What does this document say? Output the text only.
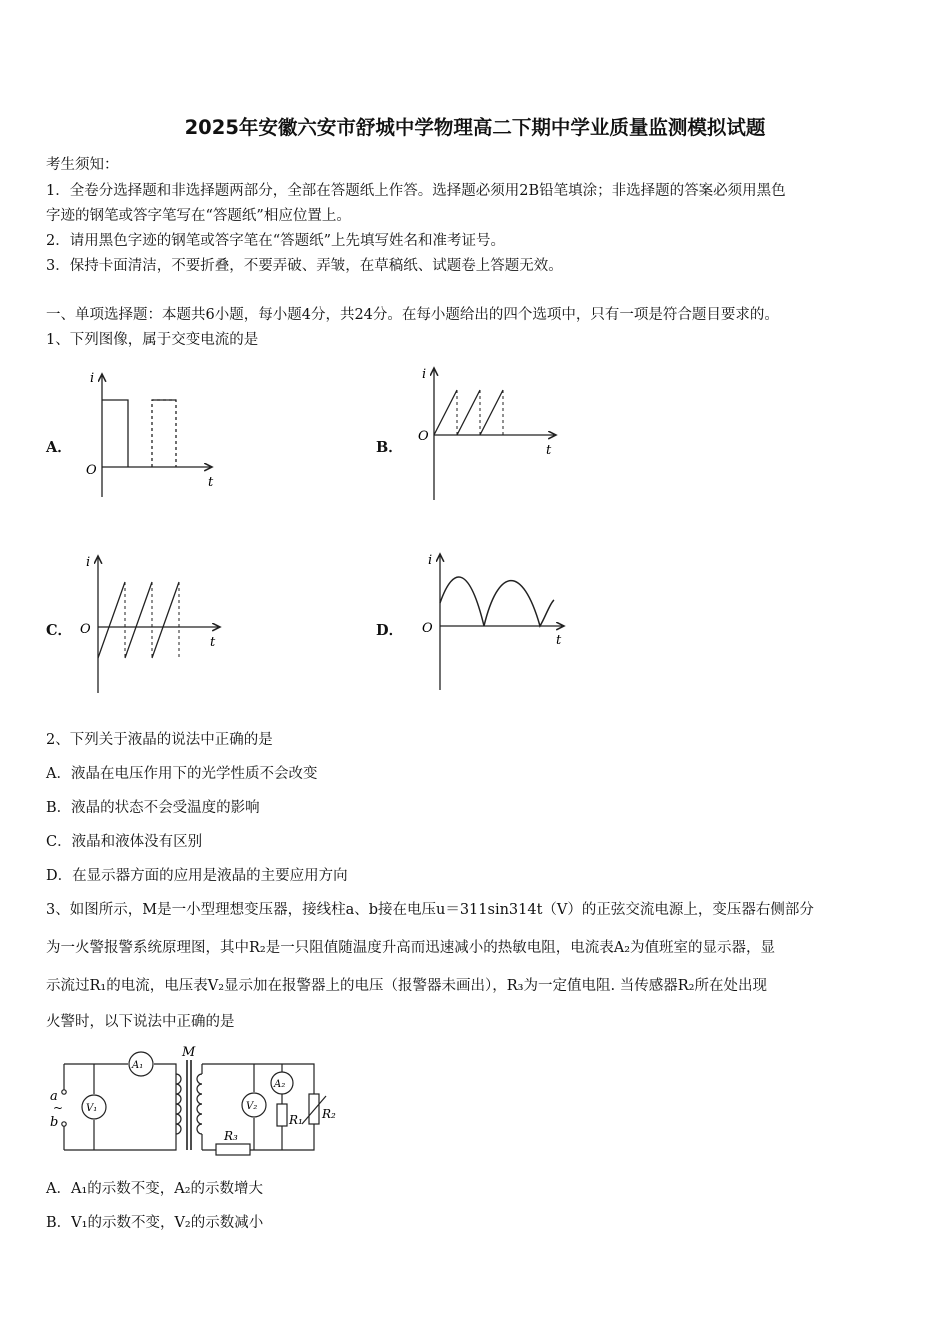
2025年安徽六安市舒城中学物理高二下期中学业质量监测模拟试题
考生须知：
1．全卷分选择题和非选择题两部分，全部在答题纸上作答。选择题必须用2B铅笔填涂；非选择题的答案必须用黑色
字迹的钢笔或答字笔写在“答题纸”相应位置上。
2．请用黑色字迹的钢笔或答字笔在“答题纸”上先填写姓名和准考证号。
3．保持卡面清洁，不要折叠，不要弄破、弄皱，在草稿纸、试题卷上答题无效。
一、单项选择题：本题共6小题，每小题4分，共24分。在每小题给出的四个选项中，只有一项是符合题目要求的。
1、下列图像，属于交变电流的是
A．	B．
C．	D．
i
t
O
i
t
O
i
t
O
i
t
O
2、下列关于液晶的说法中正确的是
A．液晶在电压作用下的光学性质不会改变
B．液晶的状态不会受温度的影响
C．液晶和液体没有区别
D．在显示器方面的应用是液晶的主要应用方向
3、如图所示，M是一小型理想变压器，接线柱a、b接在电压u＝311sin314t（V）的正弦交流电源上，变压器右侧部分
为一火警报警系统原理图，其中R₂是一只阻值随温度升高而迅速减小的热敏电阻，电流表A₂为值班室的显示器，显
示流过R₁的电流，电压表V₂显示加在报警器上的电压（报警器未画出），R₃为一定值电阻. 当传感器R₂所在处出现
火警时，以下说法中正确的是
M
a
~
b
A₁
V₁	V₂
A₂
R₁ R₂
R₃
A．A₁的示数不变，A₂的示数增大
B．V₁的示数不变，V₂的示数减小
